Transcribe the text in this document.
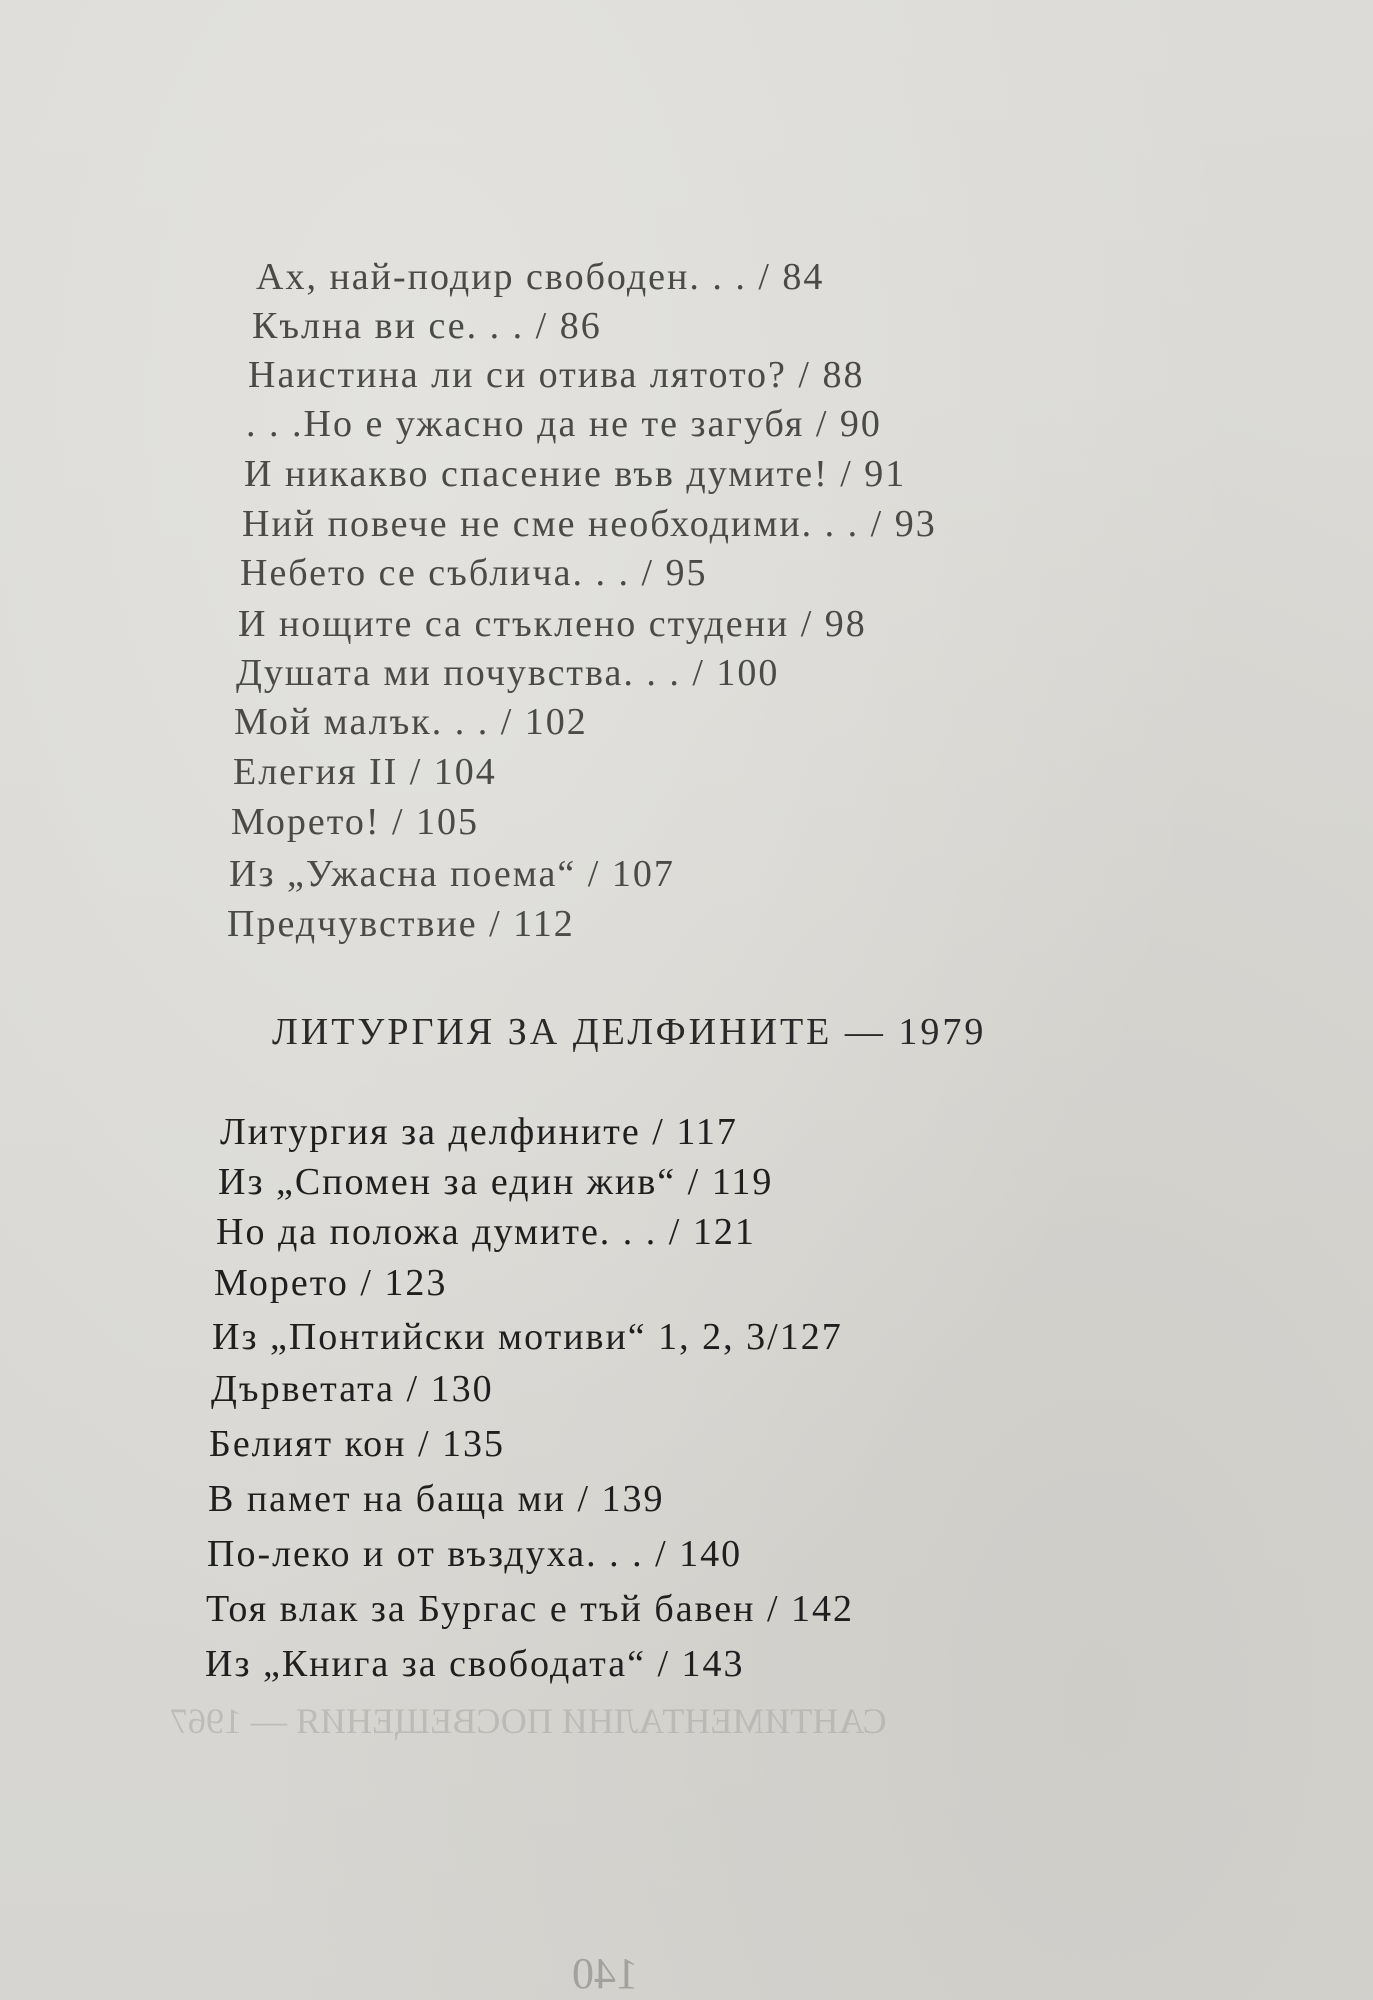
САНТИМЕНТАЛНИ ПОСВЕЩЕНИЯ — 1967
Ах, най-подир свободен. . . / 84
Кълна ви се. . . / 86
Наистина ли си отива лятото? / 88
. . .Но е ужасно да не те загубя / 90
И никакво спасение във думите! / 91
Ний повече не сме необходими. . . / 93
Небето се съблича. . . / 95
И нощите са стъклено студени / 98
Душата ми почувства. . . / 100
Мой малък. . . / 102
Елегия II / 104
Морето! / 105
Из „Ужасна поема“ / 107
Предчувствие / 112
ЛИТУРГИЯ ЗА ДЕЛФИНИТЕ — 1979
Литургия за делфините / 117
Из „Спомен за един жив“ / 119
Но да положа думите. . . / 121
Морето / 123
Из „Понтийски мотиви“ 1, 2, 3/127
Дърветата / 130
Белият кон / 135
В памет на баща ми / 139
По-леко и от въздуха. . . / 140
Тоя влак за Бургас е тъй бавен / 142
Из „Книга за свободата“ / 143
140
